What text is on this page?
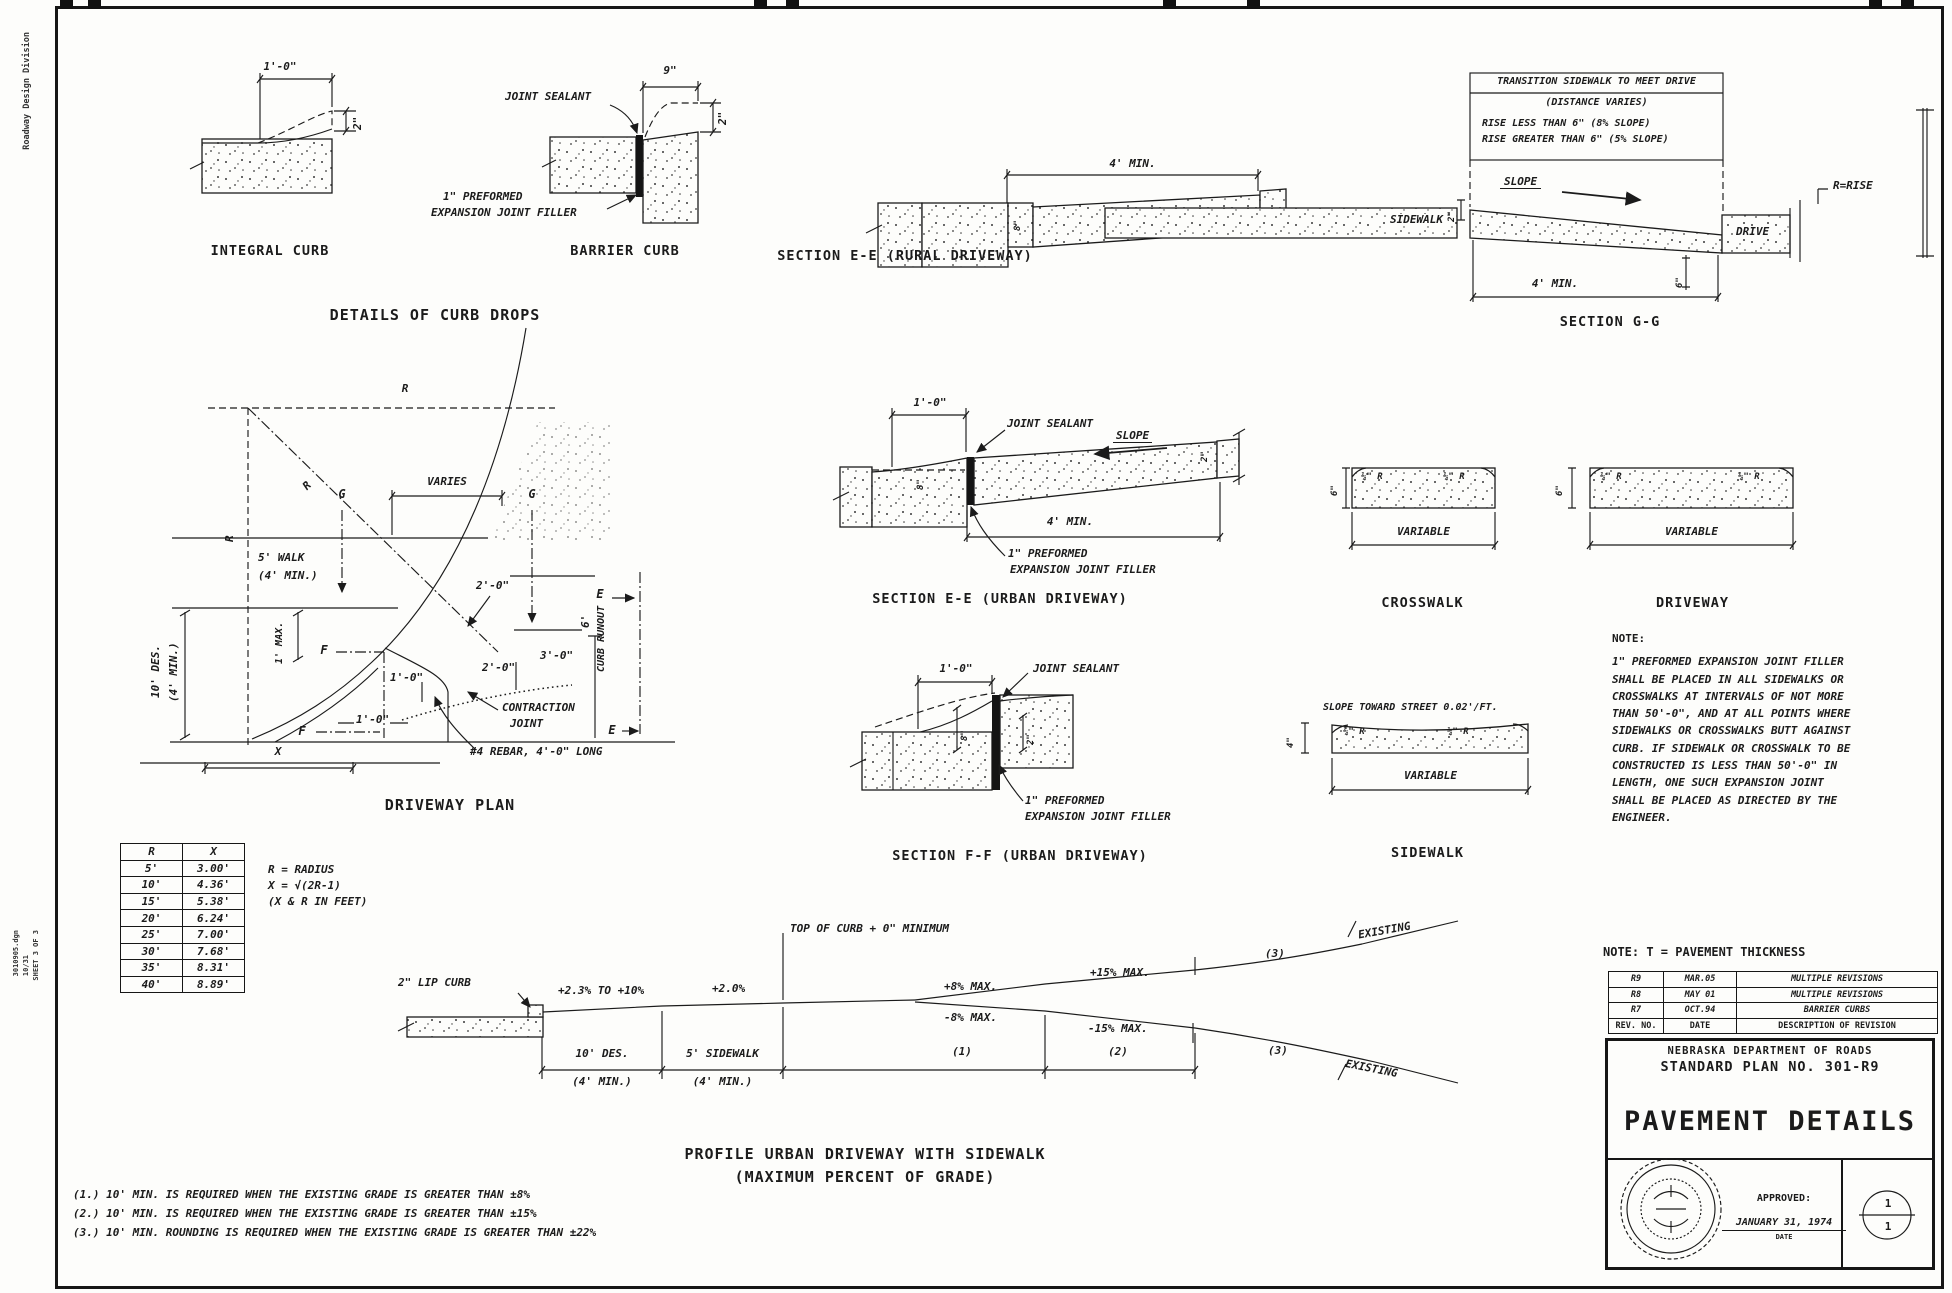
Roadway Design Division
3010905.dgn 10/31 SHEET 3 OF 3
1'-0"
2"
INTEGRAL CURB
JOINT SEALANT
9"
2"
1" PREFORMED
EXPANSION JOINT FILLER
BARRIER CURB
DETAILS OF CURB DROPS
4' MIN.
8"
SECTION E-E (RURAL DRIVEWAY)
TRANSITION SIDEWALK TO MEET DRIVE
(DISTANCE VARIES)
RISE LESS THAN 6" (8% SLOPE)
RISE GREATER THAN 6" (5% SLOPE)
SLOPE	R=RISE
SIDEWALK 2"
DRIVE
6"
4' MIN.
SECTION G-G
R
R
R	VARIES
G	G
5' WALK
(4' MIN.)
10' DES. (4' MIN.)	1' MAX.	F
F
E
E
2'-0"
2'-0"
3'-0"
1'-0"
1'-0"
6' CURB RUNOUT
CONTRACTION
JOINT
#4 REBAR, 4'-0" LONG
X
DRIVEWAY PLAN
R	X
5'	3.00'
10'	4.36'
15'	5.38'
20'	6.24'
25'	7.00'
30'	7.68'
35'	8.31'
40'	8.89'
R = RADIUS
X = √(2R-1)
(X & R IN FEET)
1'-0"
JOINT SEALANT
SLOPE
8"
2"
4' MIN.
1" PREFORMED
EXPANSION JOINT FILLER
SECTION E-E (URBAN DRIVEWAY)
1'-0"	JOINT SEALANT
8"	2"
1" PREFORMED
EXPANSION JOINT FILLER
SECTION F-F (URBAN DRIVEWAY)
¼" R	¼" R
6"
VARIABLE
CROSSWALK
¼" R	¼" R
6"
VARIABLE
DRIVEWAY
SLOPE TOWARD STREET 0.02'/FT.
¼" R	¼" R
4"
VARIABLE
SIDEWALK
NOTE:
1" PREFORMED EXPANSION JOINT FILLER
SHALL BE PLACED IN ALL SIDEWALKS OR
CROSSWALKS AT INTERVALS OF NOT MORE
THAN 50'-0", AND AT ALL POINTS WHERE
SIDEWALKS OR CROSSWALKS BUTT AGAINST
CURB. IF SIDEWALK OR CROSSWALK TO BE
CONSTRUCTED IS LESS THAN 50'-0" IN
LENGTH, ONE SUCH EXPANSION JOINT
SHALL BE PLACED AS DIRECTED BY THE
ENGINEER.
2" LIP CURB
+2.3% TO +10%	+2.0%
TOP OF CURB + 0" MINIMUM
+8% MAX.
-8% MAX.
+15% MAX.
-15% MAX.
(1)	(2)
(3)
(3)
EXISTING
EXISTING
10' DES.
(4' MIN.)
5' SIDEWALK
(4' MIN.)
PROFILE URBAN DRIVEWAY WITH SIDEWALK
(MAXIMUM PERCENT OF GRADE)
(1.) 10' MIN. IS REQUIRED WHEN THE EXISTING GRADE IS GREATER THAN ±8%
(2.) 10' MIN. IS REQUIRED WHEN THE EXISTING GRADE IS GREATER THAN ±15%
(3.) 10' MIN. ROUNDING IS REQUIRED WHEN THE EXISTING GRADE IS GREATER THAN ±22%
NOTE: T = PAVEMENT THICKNESS
R9	MAR.05	MULTIPLE REVISIONS
R8	MAY 01	MULTIPLE REVISIONS
R7	OCT.94	BARRIER CURBS
REV. NO.	DATE	DESCRIPTION OF REVISION
NEBRASKA DEPARTMENT OF ROADS
STANDARD PLAN NO. 301-R9
PAVEMENT DETAILS
APPROVED:
JANUARY 31, 1974
DATE
1
1
